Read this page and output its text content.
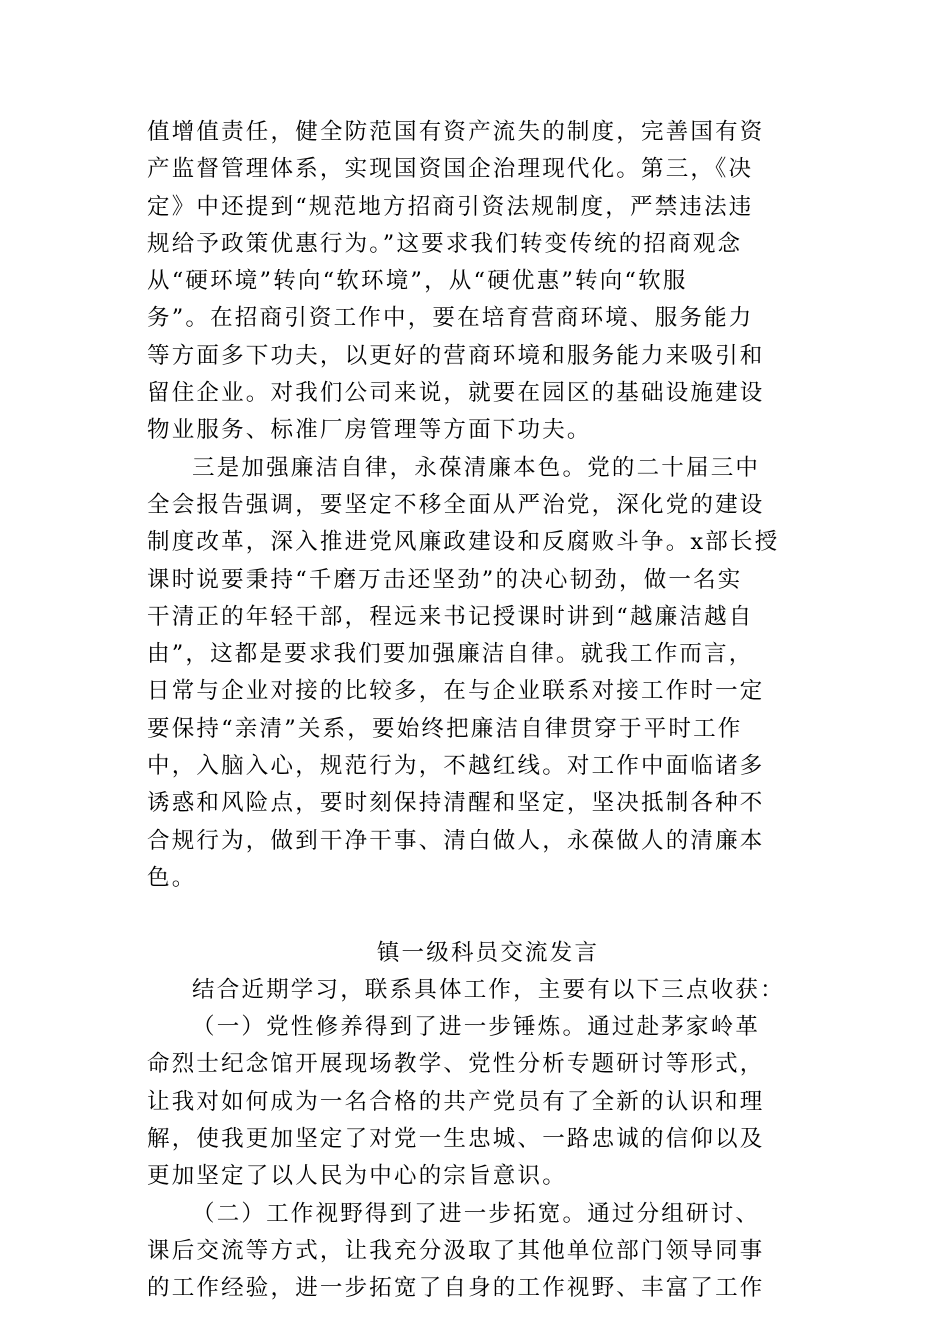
值增值责任，健全防范国有资产流失的制度，完善国有资
产监督管理体系，实现国资国企治理现代化。第三，《决
定》中还提到“规范地方招商引资法规制度，严禁违法违
规给予政策优惠行为。”这要求我们转变传统的招商观念
从“硬环境”转向“软环境”，从“硬优惠”转向“软服
务”。在招商引资工作中，要在培育营商环境、服务能力
等方面多下功夫，以更好的营商环境和服务能力来吸引和
留住企业。对我们公司来说，就要在园区的基础设施建设
物业服务、标准厂房管理等方面下功夫。
三是加强廉洁自律，永葆清廉本色。党的二十届三中
全会报告强调，要坚定不移全面从严治党，深化党的建设
制度改革，深入推进党风廉政建设和反腐败斗争。x部长授
课时说要秉持“千磨万击还坚劲”的决心韧劲，做一名实
干清正的年轻干部，程远来书记授课时讲到“越廉洁越自
由”，这都是要求我们要加强廉洁自律。就我工作而言，
日常与企业对接的比较多，在与企业联系对接工作时一定
要保持“亲清”关系，要始终把廉洁自律贯穿于平时工作
中，入脑入心，规范行为，不越红线。对工作中面临诸多
诱惑和风险点，要时刻保持清醒和坚定，坚决抵制各种不
合规行为，做到干净干事、清白做人，永葆做人的清廉本
色。
镇一级科员交流发言
结合近期学习，联系具体工作，主要有以下三点收获：
（一）党性修养得到了进一步锤炼。通过赴茅家岭革
命烈士纪念馆开展现场教学、党性分析专题研讨等形式，
让我对如何成为一名合格的共产党员有了全新的认识和理
解，使我更加坚定了对党一生忠城、一路忠诚的信仰以及
更加坚定了以人民为中心的宗旨意识。
（二）工作视野得到了进一步拓宽。通过分组研讨、
课后交流等方式，让我充分汲取了其他单位部门领导同事
的工作经验，进一步拓宽了自身的工作视野、丰富了工作
